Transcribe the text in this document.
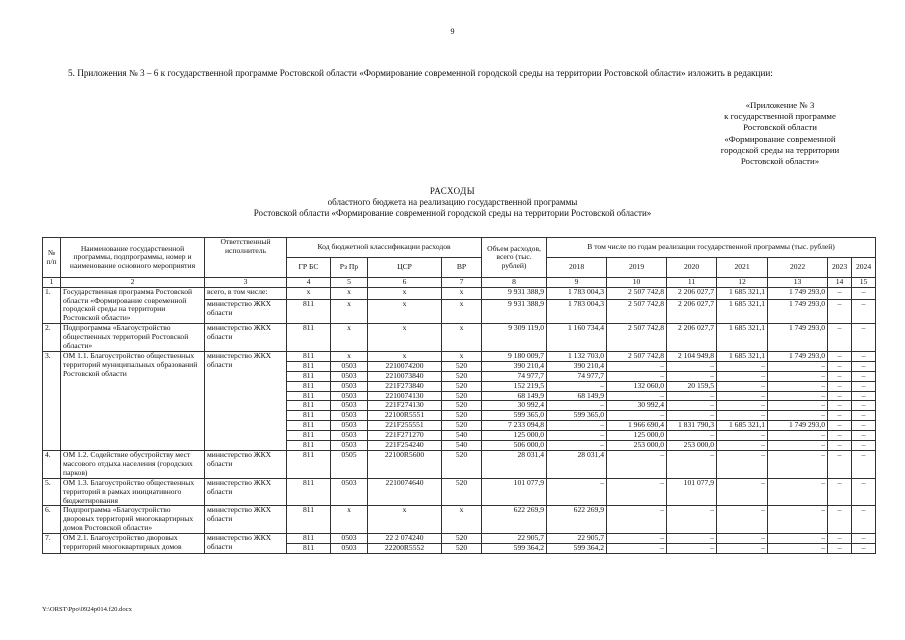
9
5. Приложения № 3 – 6 к государственной программе Ростовской области «Формирование современной городской среды на территории Ростовской области» изложить в редакции:
«Приложение № 3
к государственной программе
Ростовской области
«Формирование современной
городской среды на территории
Ростовской области»
РАСХОДЫ
областного бюджета на реализацию государственной программы
Ростовской области «Формирование современной городской среды на территории Ростовской области»
№ п/п	Наименование государственной программы, подпрограммы, номер и наименование основного мероприятия	Ответственный исполнитель	Код бюджетной классификации расходов				Объем расходов, всего (тыс. рублей)	В том числе по годам реализации государственной программы (тыс. рублей)						
			ГР БС	Рз Пр	ЦСР	ВР		2018	2019	2020	2021	2022	2023	2024
1	2	3	4	5	6	7	8	9	10	11	12	13	14	15
1.	Государственная программа Ростовской области «Формирование современной городской среды на территории Ростовской области»	всего, в том числе:	х	х	х	х	9 931 388,9	1 783 004,3	2 507 742,8	2 206 027,7	1 685 321,1	1 749 293,0	–	–
		министерство ЖКХ области	811	х	х	х	9 931 388,9	1 783 004,3	2 507 742,8	2 206 027,7	1 685 321,1	1 749 293,0	–	–
2.	Подпрограмма «Благоустройство общественных территорий Ростовской области»	министерство ЖКХ области	811	х	х	х	9 309 119,0	1 160 734,4	2 507 742,8	2 206 027,7	1 685 321,1	1 749 293,0	–	–
3.	ОМ 1.1. Благоустройство общественных территорий муниципальных образований Ростовской области	министерство ЖКХ области	811	х	х	х	9 180 009,7	1 132 703,0	2 507 742,8	2 104 949,8	1 685 321,1	1 749 293,0	–	–
			811	0503	2210074200	520	390 210,4	390 210,4	–	–	–	–	–	–
			811	0503	2210073840	520	74 977,7	74 977,7	–	–	–	–	–	–
			811	0503	221F273840	520	152 219,5	–	132 060,0	20 159,5	–	–	–	–
			811	0503	2210074130	520	68 149,9	68 149,9	–	–	–	–	–	–
			811	0503	221F274130	520	30 992,4	–	30 992,4	–	–	–	–	–
			811	0503	22100R5551	520	599 365,0	599 365,0	–	–	–	–	–	–
			811	0503	221F255551	520	7 233 094,8	–	1 966 690,4	1 831 790,3	1 685 321,1	1 749 293,0	–	–
			811	0503	221F271270	540	125 000,0	–	125 000,0	–	–	–	–	–
			811	0503	221F254240	540	506 000,0	–	253 000,0	253 000,0	–	–	–	–
4.	ОМ 1.2. Содействие обустройству мест массового отдыха населения (городских парков)	министерство ЖКХ области	811	0505	22100R5600	520	28 031,4	28 031,4	–	–	–	–	–	–
5.	ОМ 1.3. Благоустройство общественных территорий в рамках инициативного бюджетирования	министерство ЖКХ области	811	0503	2210074640	520	101 077,9	–	–	101 077,9	–	–	–	–
6.	Подпрограмма «Благоустройство дворовых территорий многоквартирных домов Ростовской области»	министерство ЖКХ области	811	х	х	х	622 269,9	622 269,9	–	–	–	–	–	–
7.	ОМ 2.1. Благоустройство дворовых территорий многоквартирных домов	министерство ЖКХ области	811	0503	22 2 074240	520	22 905,7	22 905,7	–	–	–	–	–	–
			811	0503	22200R5552	520	599 364,2	599 364,2	–	–	–	–	–	–
Y:\ORST\Ppo\0924p014.f20.docx
